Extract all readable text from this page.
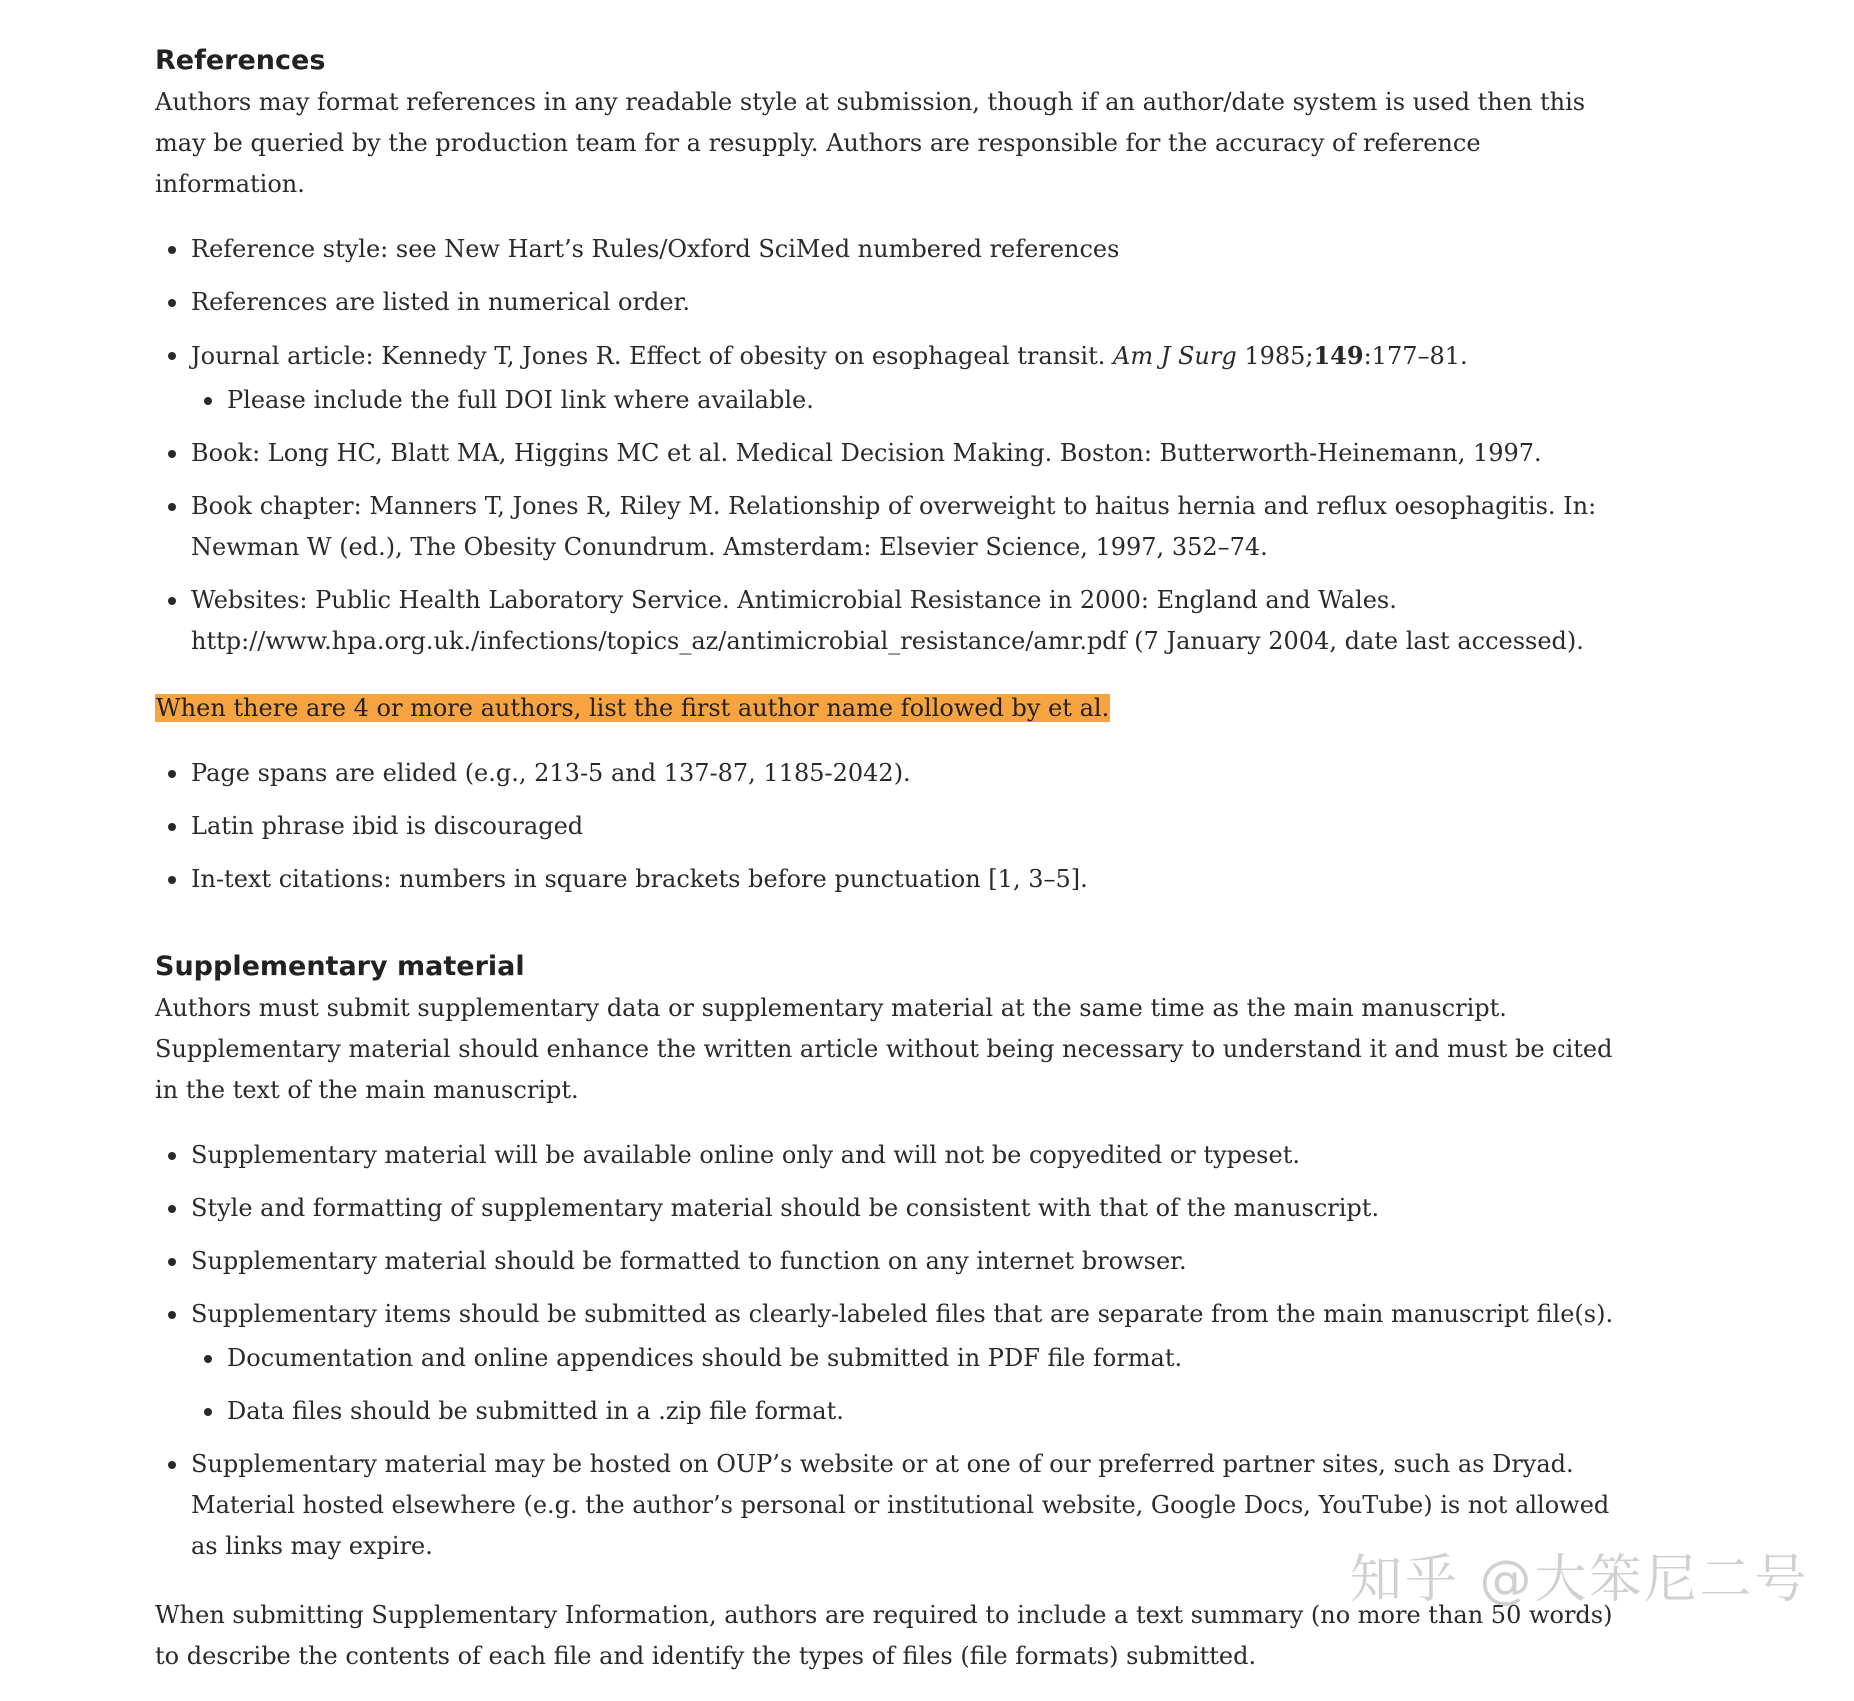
References

Authors may format references in any readable style at submission, though if an author/date system is used then this may be queried by the production team for a resupply. Authors are responsible for the accuracy of reference information.

Reference style: see New Hart’s Rules/Oxford SciMed numbered references
References are listed in numerical order.
Journal article: Kennedy T, Jones R. Effect of obesity on esophageal transit. Am J Surg 1985;149:177–81.
Please include the full DOI link where available.
Book: Long HC, Blatt MA, Higgins MC et al. Medical Decision Making. Boston: Butterworth-Heinemann, 1997.
Book chapter: Manners T, Jones R, Riley M. Relationship of overweight to haitus hernia and reflux oesophagitis. In: Newman W (ed.), The Obesity Conundrum. Amsterdam: Elsevier Science, 1997, 352–74.
Websites: Public Health Laboratory Service. Antimicrobial Resistance in 2000: England and Wales. http://www.hpa.org.uk./infections/topics_az/antimicrobial_resistance/amr.pdf (7 January 2004, date last accessed).
When there are 4 or more authors, list the first author name followed by et al.
Page spans are elided (e.g., 213-5 and 137-87, 1185-2042).
Latin phrase ibid is discouraged
In-text citations: numbers in square brackets before punctuation [1, 3–5].
Supplementary material

Authors must submit supplementary data or supplementary material at the same time as the main manuscript. Supplementary material should enhance the written article without being necessary to understand it and must be cited in the text of the main manuscript.

Supplementary material will be available online only and will not be copyedited or typeset.
Style and formatting of supplementary material should be consistent with that of the manuscript.
Supplementary material should be formatted to function on any internet browser.
Supplementary items should be submitted as clearly-labeled files that are separate from the main manuscript file(s).
Documentation and online appendices should be submitted in PDF file format.
Data files should be submitted in a .zip file format.
Supplementary material may be hosted on OUP’s website or at one of our preferred partner sites, such as Dryad. Material hosted elsewhere (e.g. the author’s personal or institutional website, Google Docs, YouTube) is not allowed as links may expire.

When submitting Supplementary Information, authors are required to include a text summary (no more than 50 words) to describe the contents of each file and identify the types of files (file formats) submitted.

知乎 @大笨尼二号
